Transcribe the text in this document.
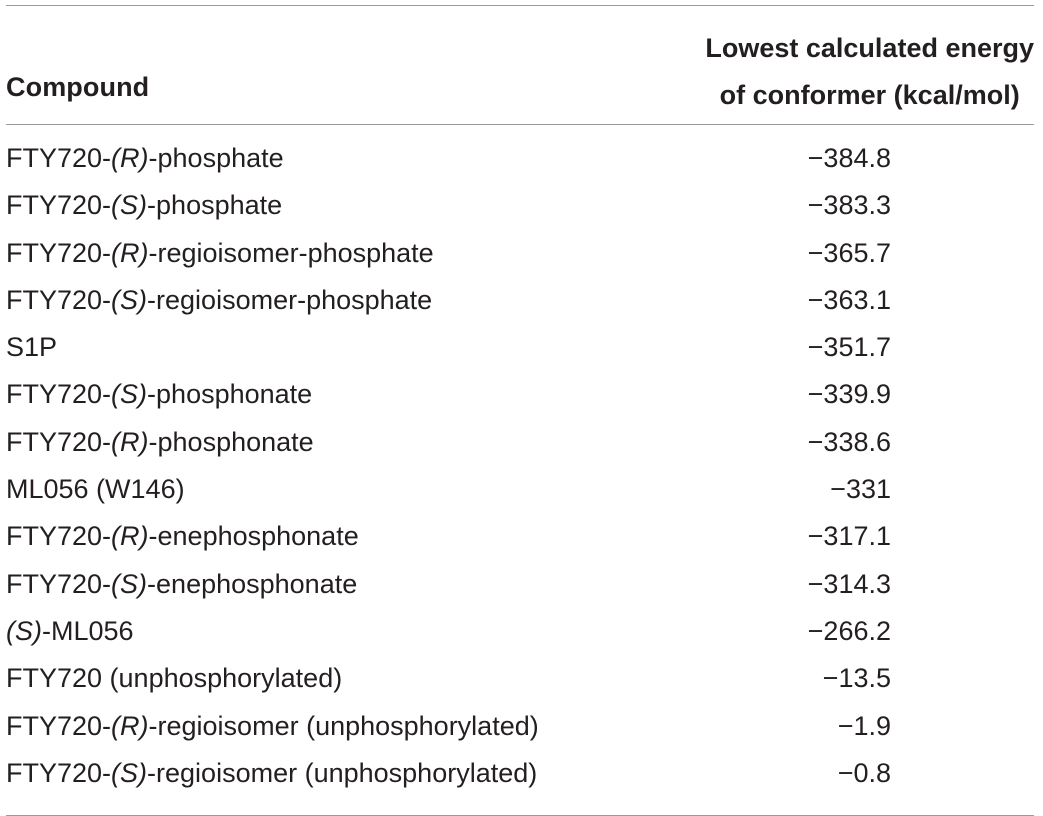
Compound
Lowest calculated energy
of conformer (kcal/mol)
FTY720-(R)-phosphate	−384.8
FTY720-(S)-phosphate	−383.3
FTY720-(R)-regioisomer-phosphate	−365.7
FTY720-(S)-regioisomer-phosphate	−363.1
S1P	−351.7
FTY720-(S)-phosphonate	−339.9
FTY720-(R)-phosphonate	−338.6
ML056 (W146)	−331
FTY720-(R)-enephosphonate	−317.1
FTY720-(S)-enephosphonate	−314.3
(S)-ML056	−266.2
FTY720 (unphosphorylated)	−13.5
FTY720-(R)-regioisomer (unphosphorylated)	−1.9
FTY720-(S)-regioisomer (unphosphorylated)	−0.8
